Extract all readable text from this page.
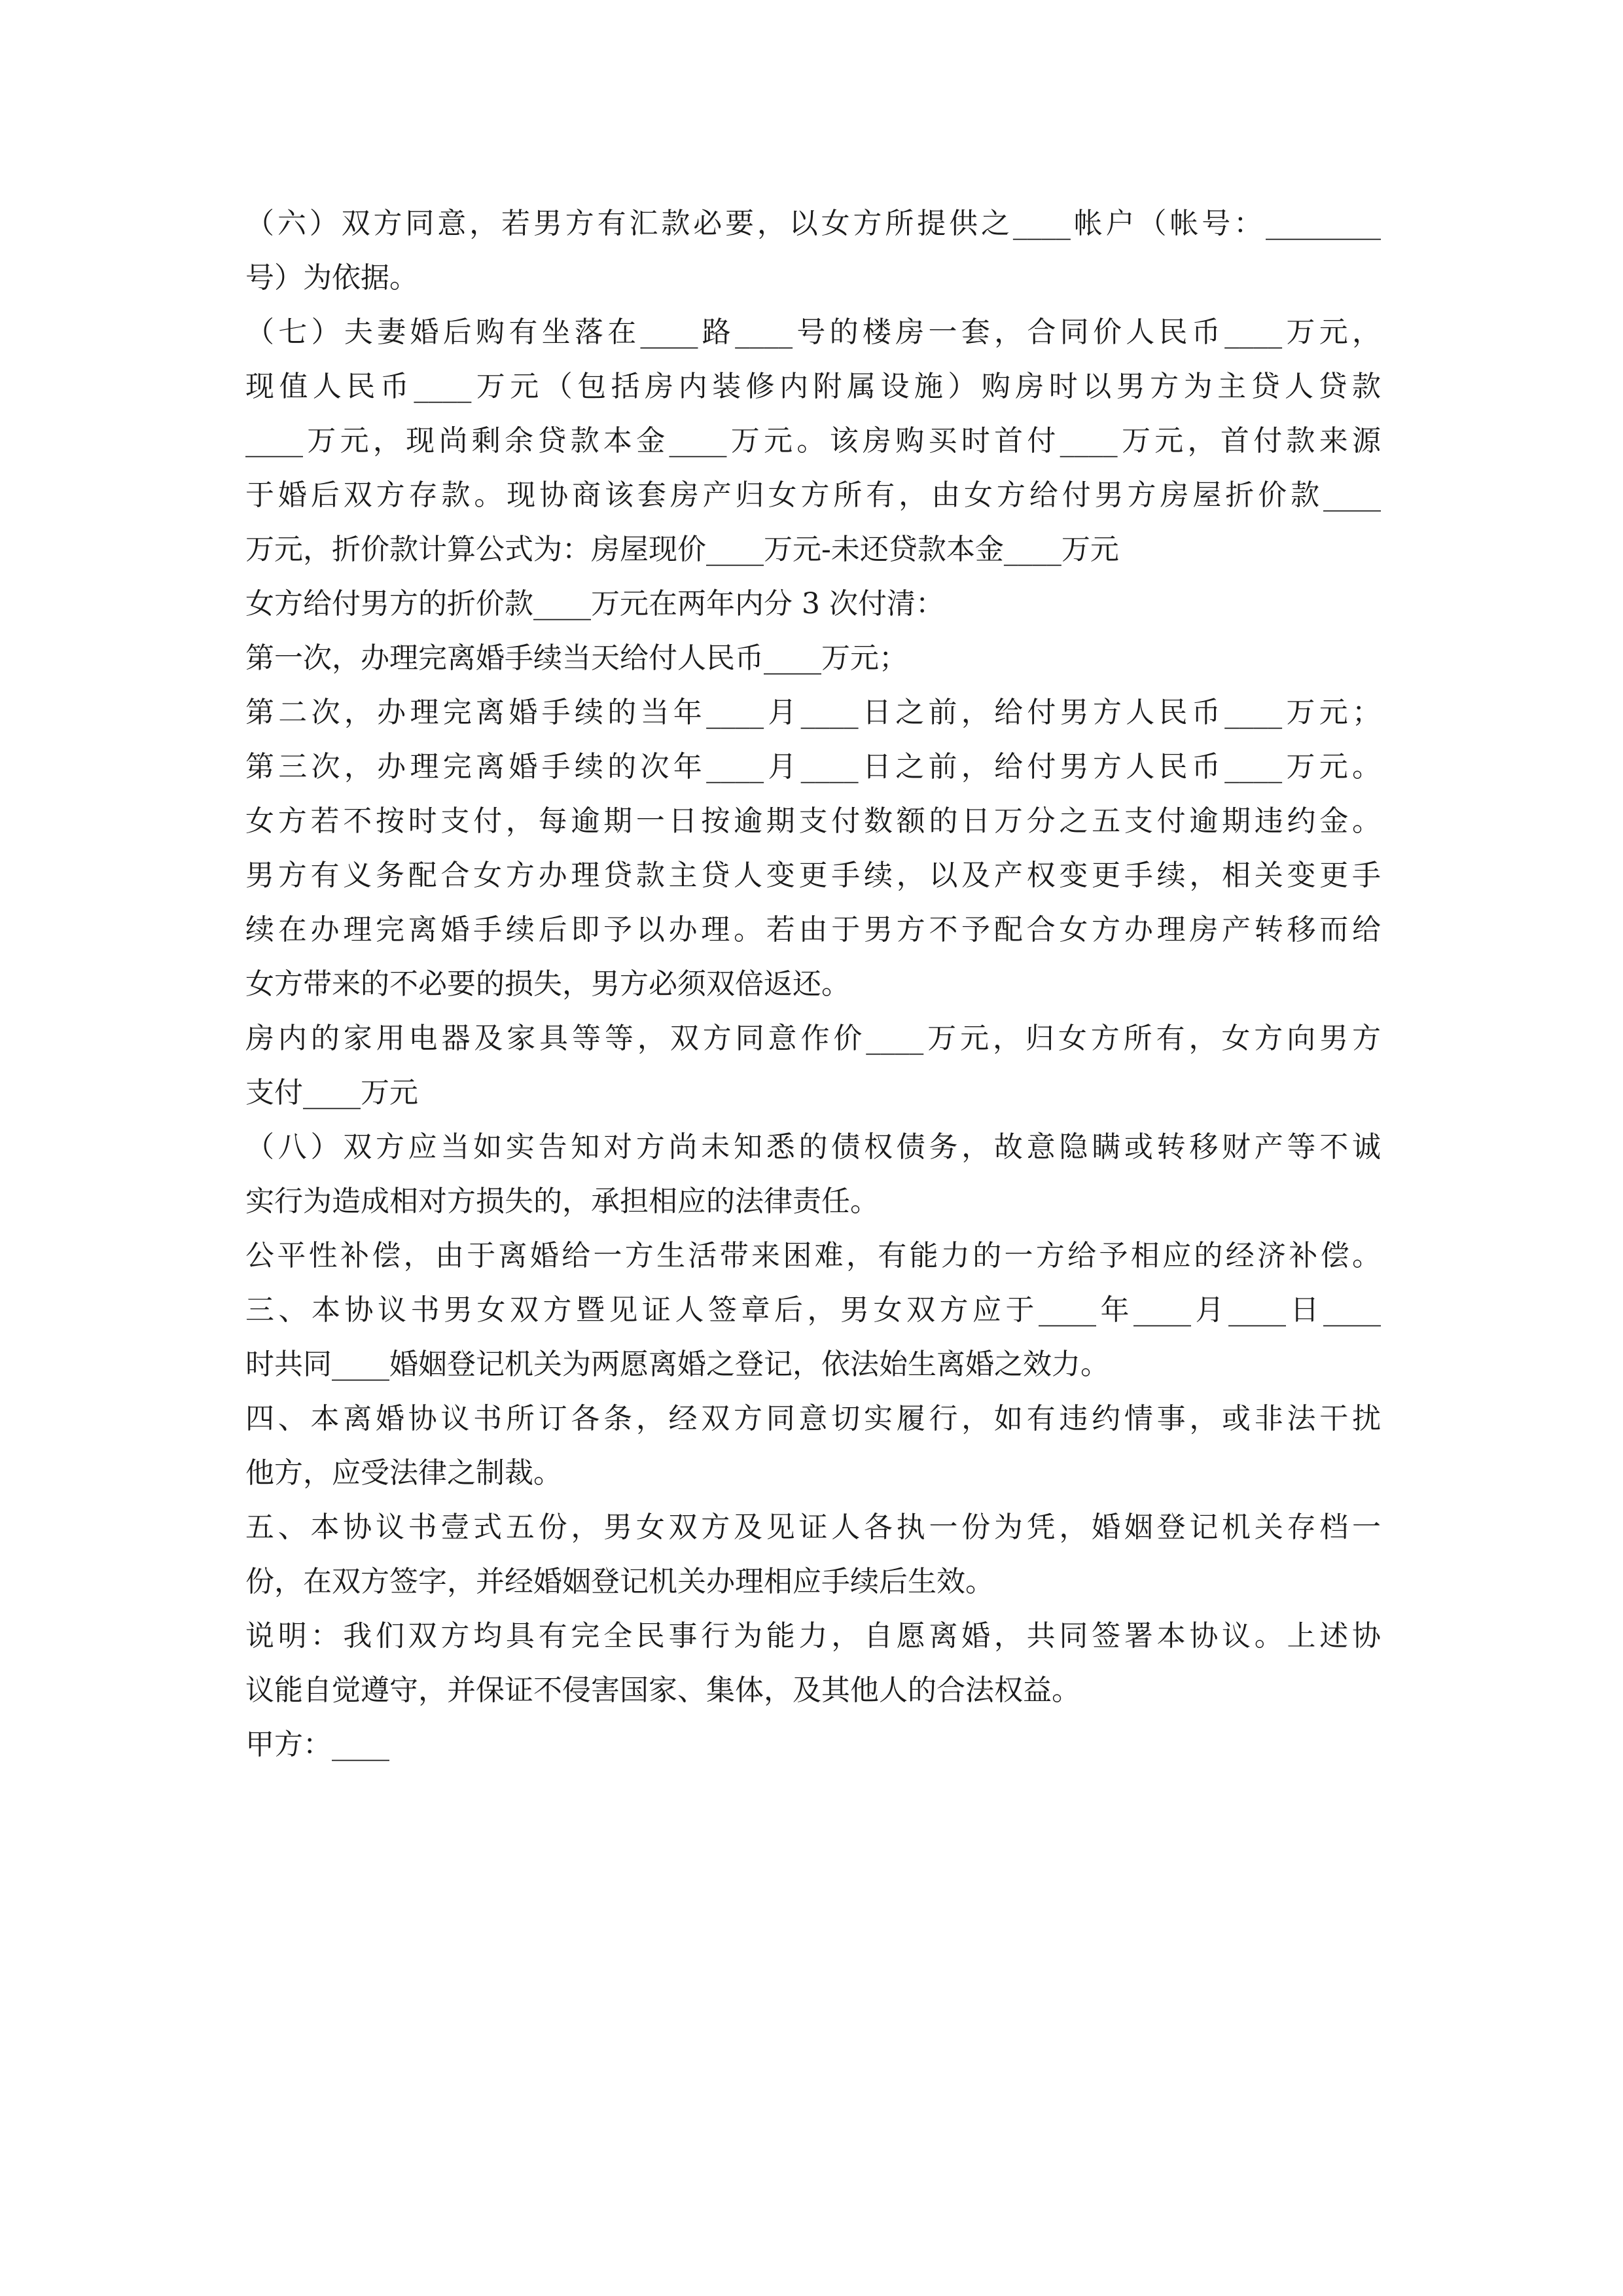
（六）双方同意，若男方有汇款必要，以女方所提供之____帐户（帐号：________
号）为依据。
（七）夫妻婚后购有坐落在____路____号的楼房一套，合同价人民币____万元，
现值人民币____万元（包括房内装修内附属设施）购房时以男方为主贷人贷款
____万元，现尚剩余贷款本金____万元。该房购买时首付____万元，首付款来源
于婚后双方存款。现协商该套房产归女方所有，由女方给付男方房屋折价款____
万元，折价款计算公式为：房屋现价____万元-未还贷款本金____万元
女方给付男方的折价款____万元在两年内分 3 次付清：
第一次，办理完离婚手续当天给付人民币____万元；
第二次，办理完离婚手续的当年____月____日之前，给付男方人民币____万元；
第三次，办理完离婚手续的次年____月____日之前，给付男方人民币____万元。
女方若不按时支付，每逾期一日按逾期支付数额的日万分之五支付逾期违约金。
男方有义务配合女方办理贷款主贷人变更手续，以及产权变更手续，相关变更手
续在办理完离婚手续后即予以办理。若由于男方不予配合女方办理房产转移而给
女方带来的不必要的损失，男方必须双倍返还。
房内的家用电器及家具等等，双方同意作价____万元，归女方所有，女方向男方
支付____万元
（八）双方应当如实告知对方尚未知悉的债权债务，故意隐瞒或转移财产等不诚
实行为造成相对方损失的，承担相应的法律责任。
公平性补偿，由于离婚给一方生活带来困难，有能力的一方给予相应的经济补偿。
三、本协议书男女双方暨见证人签章后，男女双方应于____年____月____日____
时共同____婚姻登记机关为两愿离婚之登记，依法始生离婚之效力。
四、本离婚协议书所订各条，经双方同意切实履行，如有违约情事，或非法干扰
他方，应受法律之制裁。
五、本协议书壹式五份，男女双方及见证人各执一份为凭，婚姻登记机关存档一
份，在双方签字，并经婚姻登记机关办理相应手续后生效。
说明：我们双方均具有完全民事行为能力，自愿离婚，共同签署本协议。上述协
议能自觉遵守，并保证不侵害国家、集体，及其他人的合法权益。
甲方：____
